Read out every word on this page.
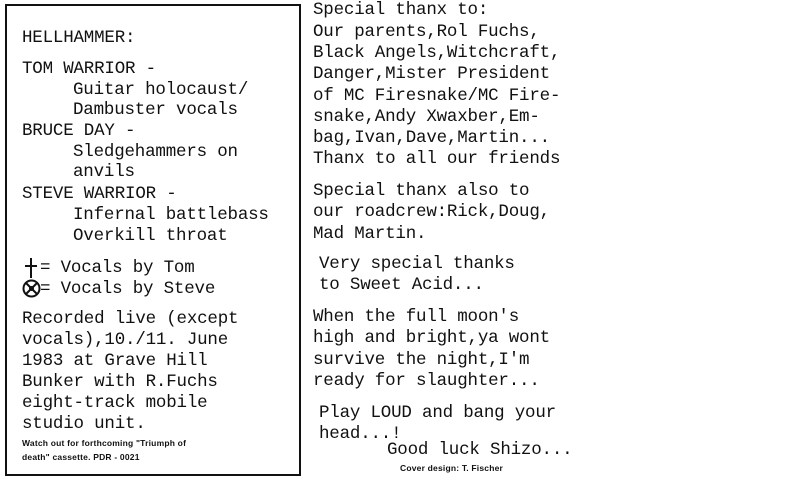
HELLHAMMER:
TOM WARRIOR -
Guitar holocaust/
Dambuster vocals
BRUCE DAY -
Sledgehammers on
anvils
STEVE WARRIOR -
Infernal battlebass
Overkill throat
= Vocals by Tom
= Vocals by Steve
Recorded live (except
vocals),10./11. June
1983 at Grave Hill
Bunker with R.Fuchs
eight-track mobile
studio unit.
Watch out for forthcoming "Triumph of
death" cassette. PDR - 0021
Special thanx to:
Our parents,Rol Fuchs,
Black Angels,Witchcraft,
Danger,Mister President
of MC Firesnake/MC Fire-
snake,Andy Xwaxber,Em-
bag,Ivan,Dave,Martin...
Thanx to all our friends
Special thanx also to
our roadcrew:Rick,Doug,
Mad Martin.
Very special thanks
to Sweet Acid...
When the full moon's
high and bright,ya wont
survive the night,I'm
ready for slaughter...
Play LOUD and bang your
head...!
Good luck Shizo...
Cover design: T. Fischer
